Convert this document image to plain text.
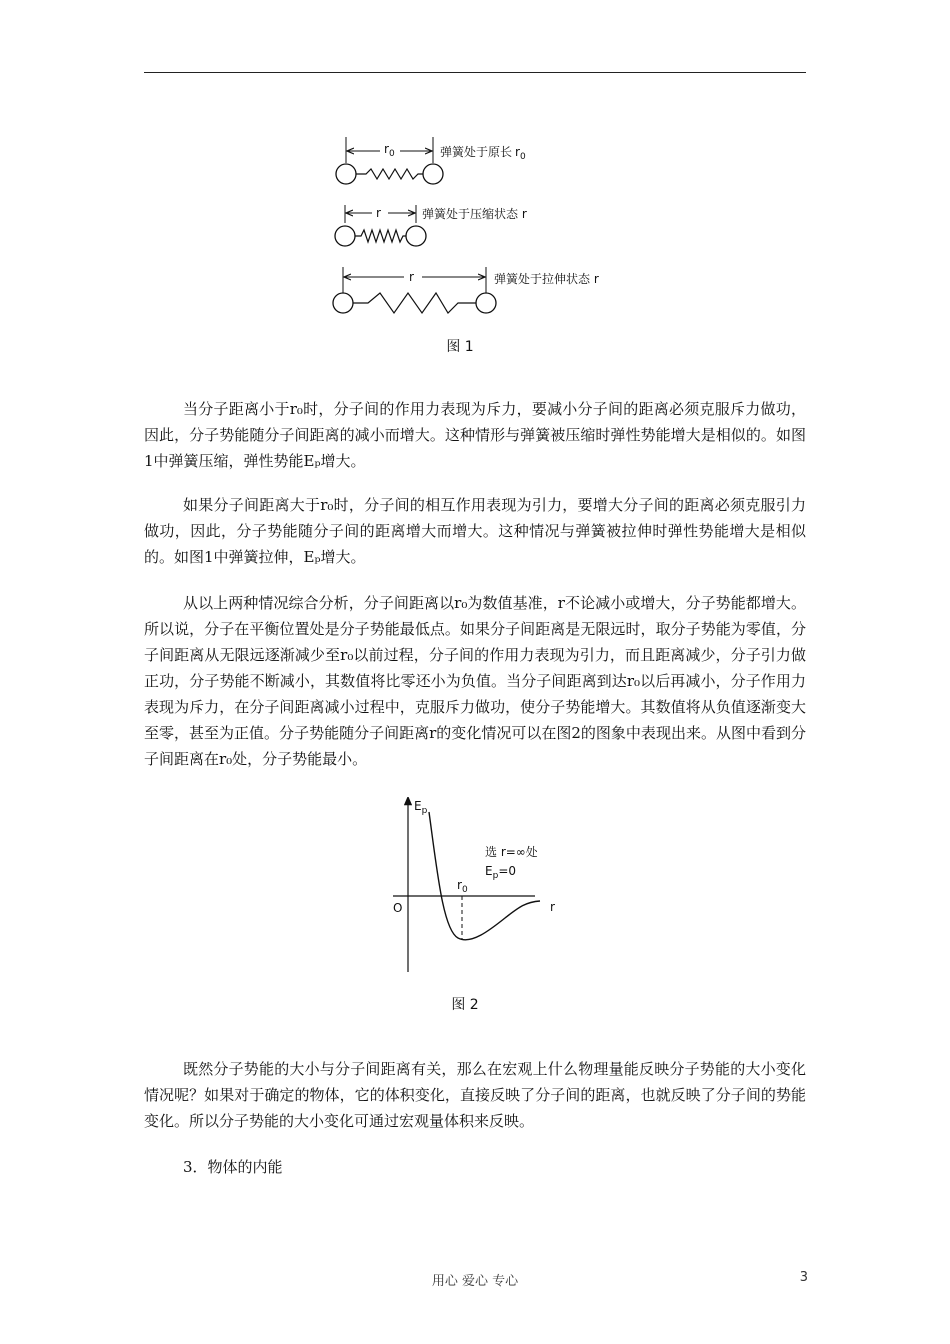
$r_0$	弹簧处于原长 $r_0$
r	弹簧处于压缩状态 r
r	弹簧处于拉伸状态 r
图 1

当分子距离小于r₀时，分子间的作用力表现为斥力，要减小分子间的距离必须克服斥力做功，因此，分子势能随分子间距离的减小而增大。这种情形与弹簧被压缩时弹性势能增大是相似的。如图1中弹簧压缩，弹性势能Eₚ增大。

如果分子间距离大于r₀时，分子间的相互作用表现为引力，要增大分子间的距离必须克服引力做功，因此，分子势能随分子间的距离增大而增大。这种情况与弹簧被拉伸时弹性势能增大是相似的。如图1中弹簧拉伸，Eₚ增大。

从以上两种情况综合分析，分子间距离以r₀为数值基准，r不论减小或增大，分子势能都增大。所以说，分子在平衡位置处是分子势能最低点。如果分子间距离是无限远时，取分子势能为零值，分子间距离从无限远逐渐减少至r₀以前过程，分子间的作用力表现为引力，而且距离减少，分子引力做正功，分子势能不断减小，其数值将比零还小为负值。当分子间距离到达r₀以后再减小，分子作用力表现为斥力，在分子间距离减小过程中，克服斥力做功，使分子势能增大。其数值将从负值逐渐变大至零，甚至为正值。分子势能随分子间距离r的变化情况可以在图2的图象中表现出来。从图中看到分子间距离在r₀处，分子势能最小。

$E_p$
r
O
$r_0$
选 r=∞处
$E_p=0$
图 2

既然分子势能的大小与分子间距离有关，那么在宏观上什么物理量能反映分子势能的大小变化情况呢？如果对于确定的物体，它的体积变化，直接反映了分子间的距离，也就反映了分子间的势能变化。所以分子势能的大小变化可通过宏观量体积来反映。

3．物体的内能

用心 爱心 专心	3
